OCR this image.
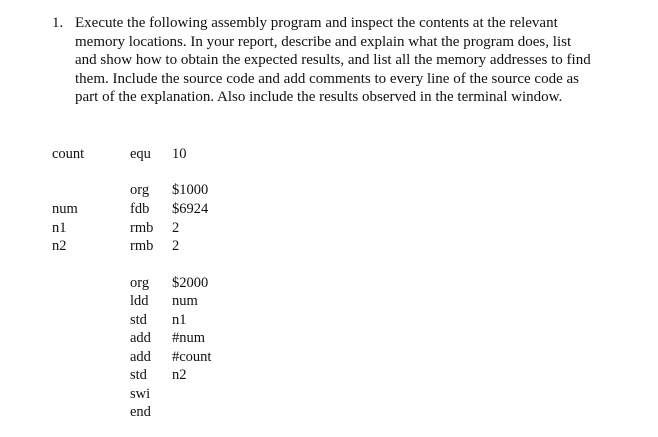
1. Execute the following assembly program and inspect the contents at the relevant
memory locations. In your report, describe and explain what the program does, list
and show how to obtain the expected results, and list all the memory addresses to find
them. Include the source code and add comments to every line of the source code as
part of the explanation. Also include the results observed in the terminal window.
count	equ 10
org $1000
num	fdb $6924
n1	rmb 2
n2	rmb 2
org $2000
ldd num
std n1
add #num
add #count
std n2
swi
end
